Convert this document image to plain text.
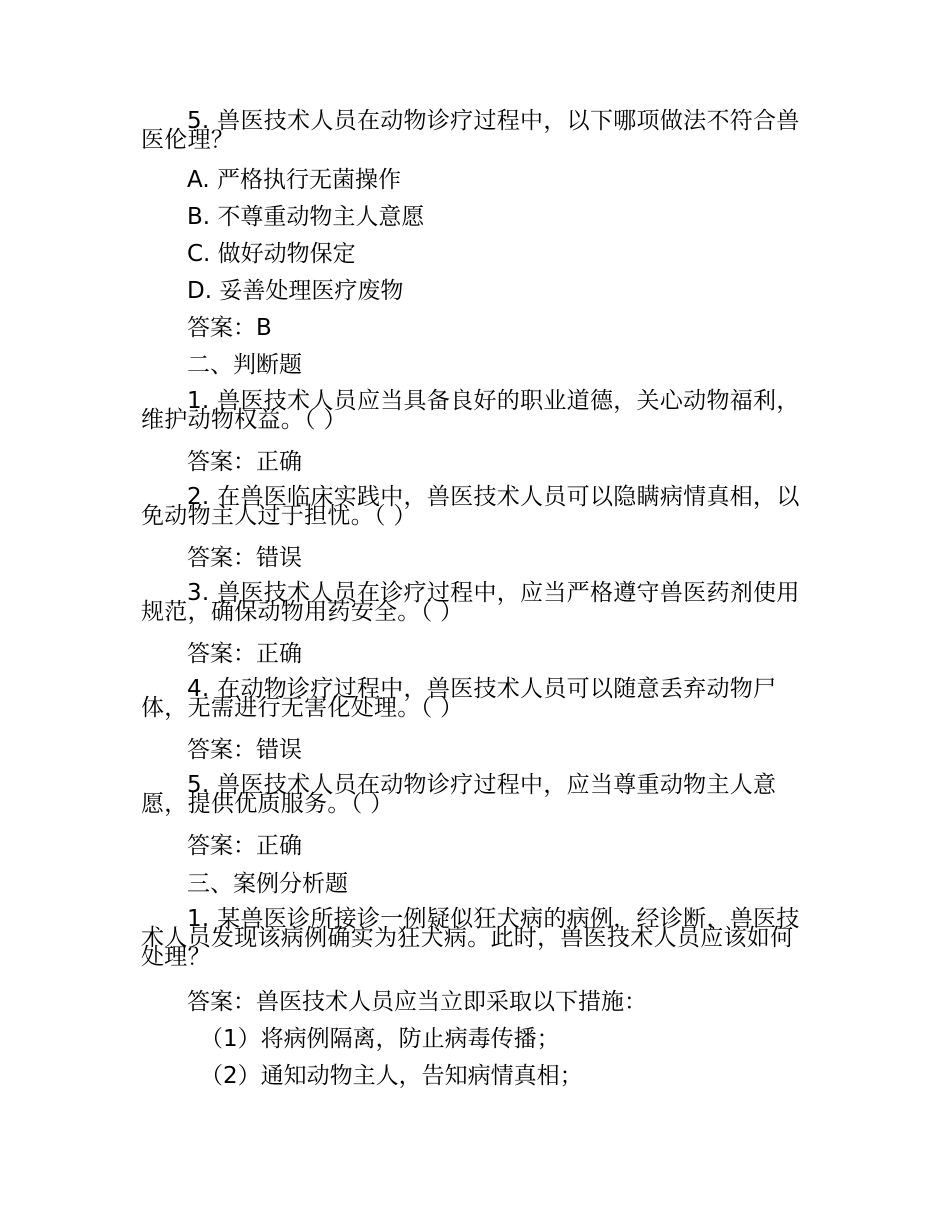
5. 兽医技术人员在动物诊疗过程中，以下哪项做法不符合兽医伦理？
A. 严格执行无菌操作
B. 不尊重动物主人意愿
C. 做好动物保定
D. 妥善处理医疗废物
答案：B
二、判断题
1. 兽医技术人员应当具备良好的职业道德，关心动物福利，维护动物权益。（ ）
答案：正确
2. 在兽医临床实践中，兽医技术人员可以隐瞒病情真相，以免动物主人过于担忧。（ ）
答案：错误
3. 兽医技术人员在诊疗过程中，应当严格遵守兽医药剂使用规范，确保动物用药安全。（ ）
答案：正确
4. 在动物诊疗过程中，兽医技术人员可以随意丢弃动物尸体，无需进行无害化处理。（ ）
答案：错误
5. 兽医技术人员在动物诊疗过程中，应当尊重动物主人意愿，提供优质服务。（ ）
答案：正确
三、案例分析题
1. 某兽医诊所接诊一例疑似狂犬病的病例，经诊断，兽医技术人员发现该病例确实为狂犬病。此时，兽医技术人员应该如何处理？
答案：兽医技术人员应当立即采取以下措施：
（1）将病例隔离，防止病毒传播；
（2）通知动物主人，告知病情真相；
